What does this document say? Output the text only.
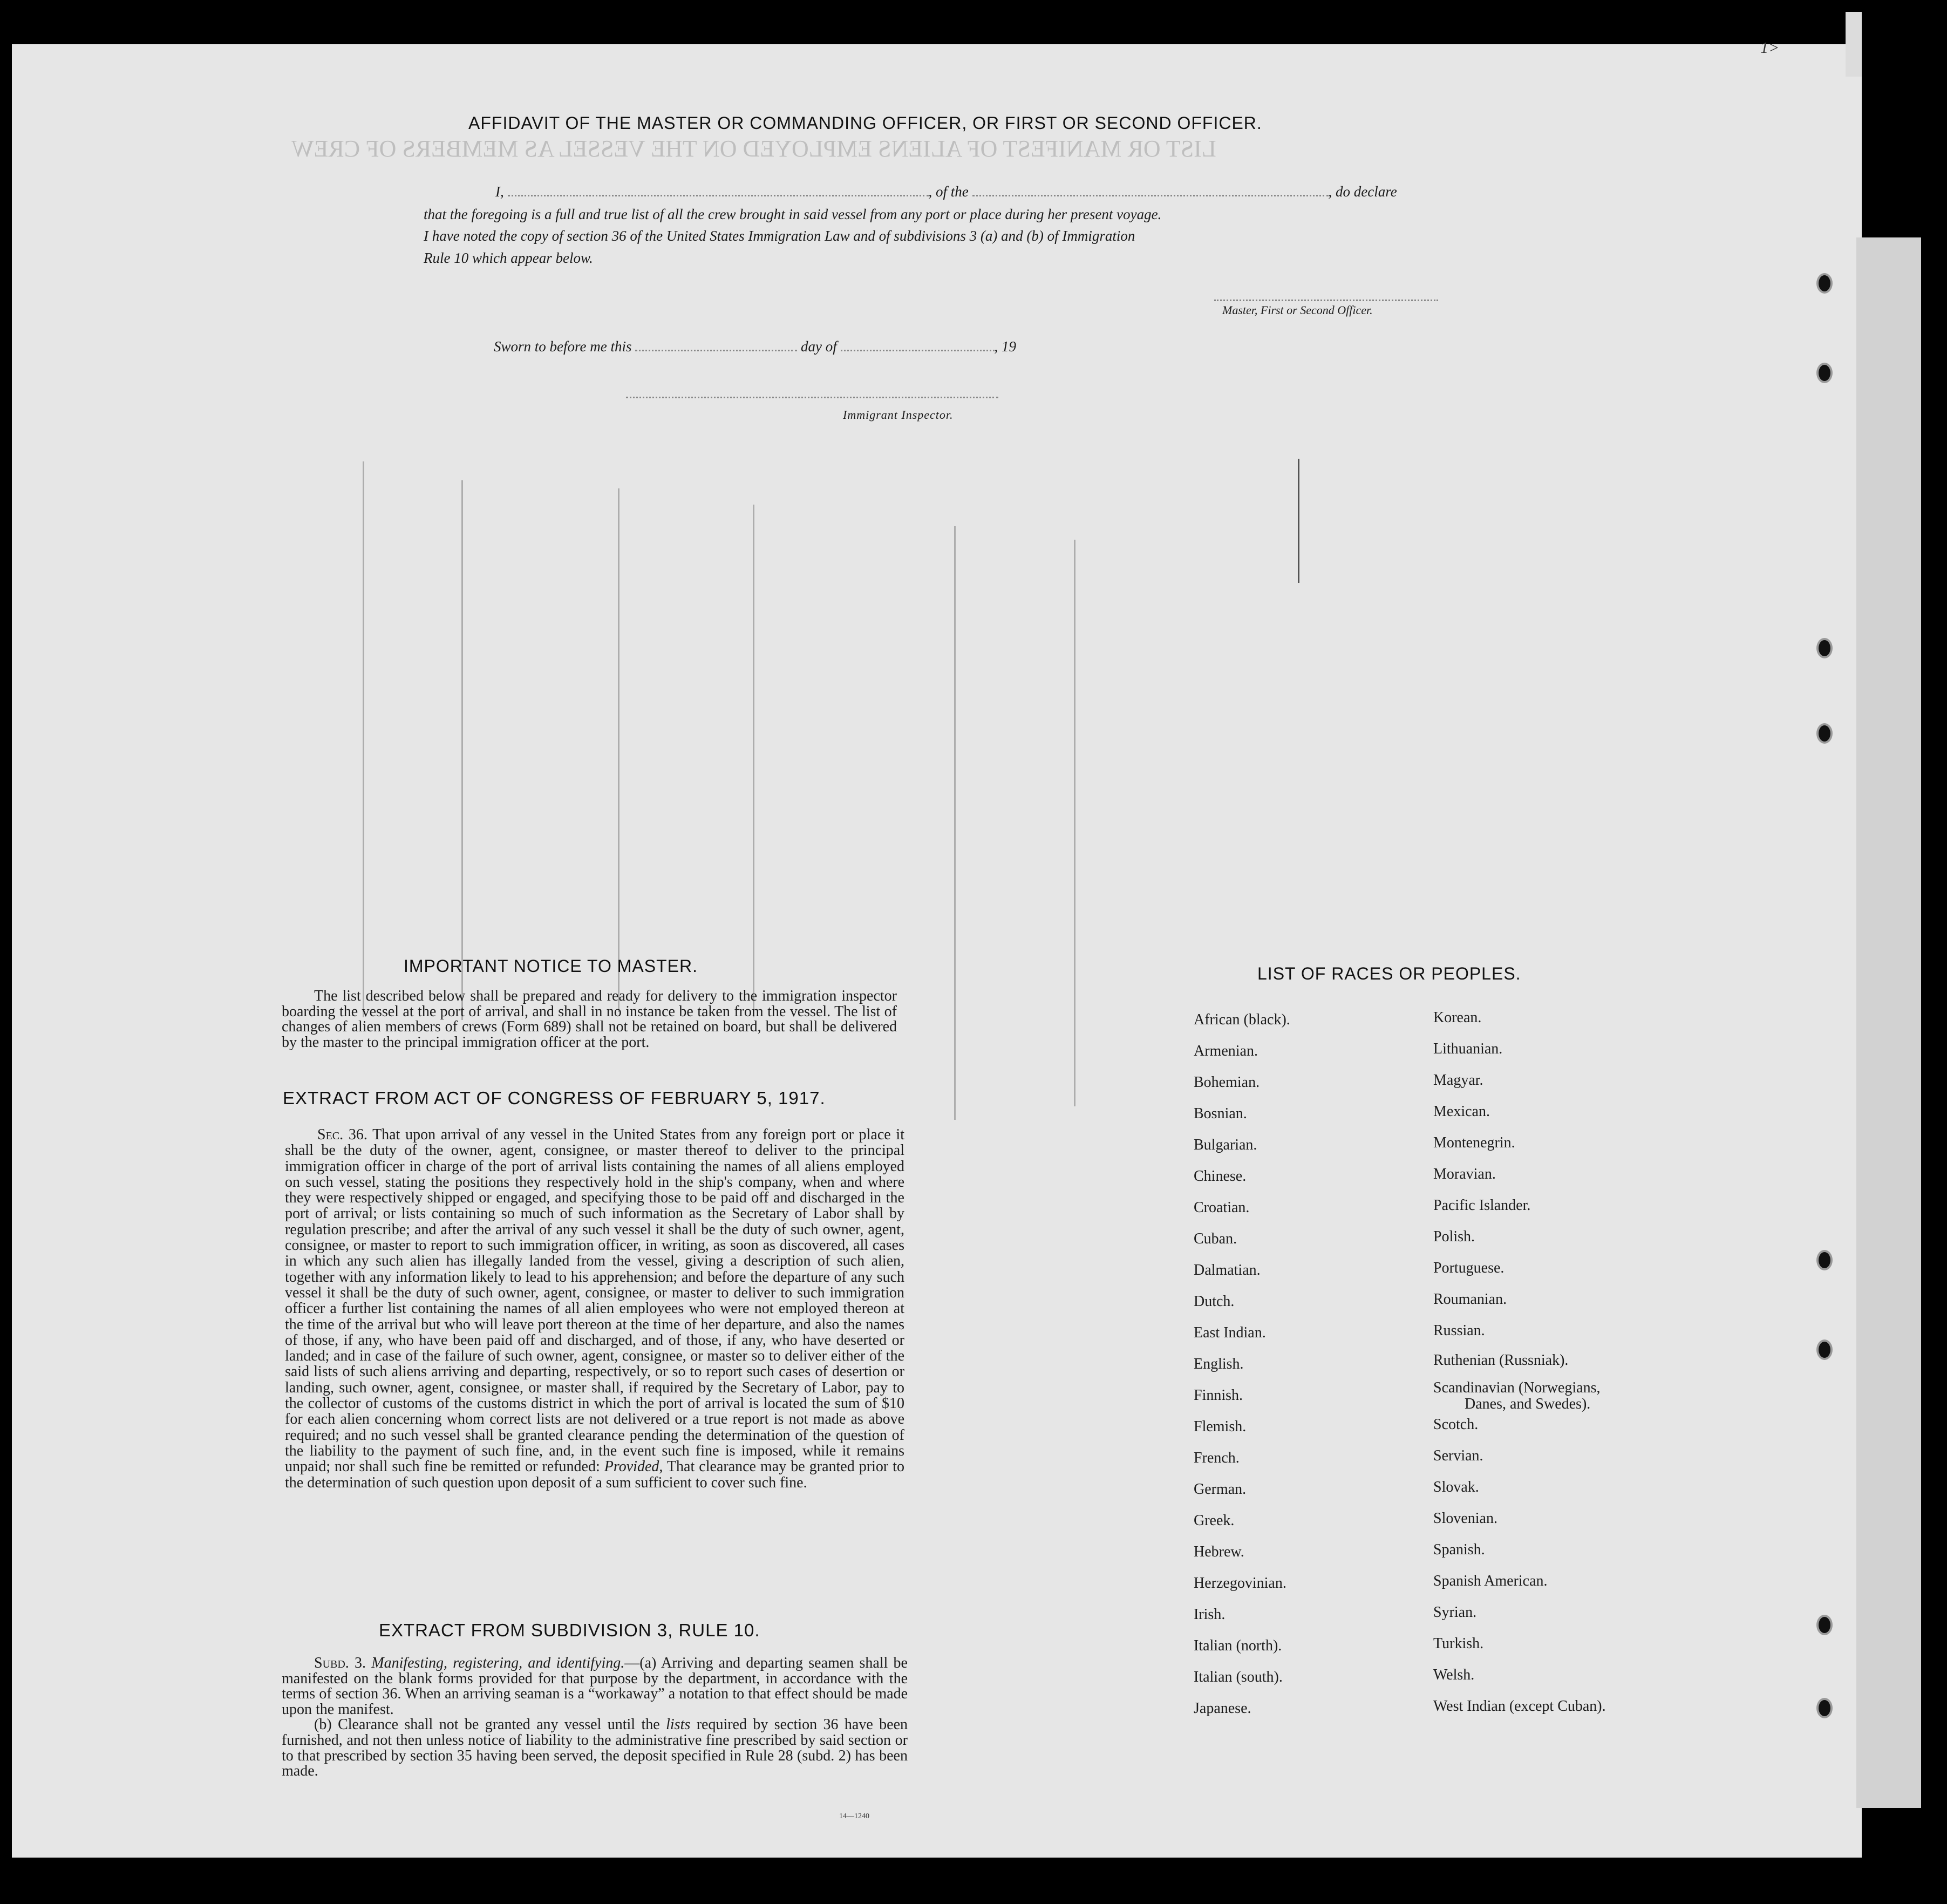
LIST OR MANIFEST OF ALIENS EMPLOYED ON THE VESSEL AS MEMBERS OF CREW
1>
AFFIDAVIT OF THE MASTER OR COMMANDING OFFICER, OR FIRST OR SECOND OFFICER.
I,	, of the	, do declare
that the foregoing is a full and true list of all the crew brought in said vessel from any port or place during her present voyage.
I have noted the copy of section 36 of the United States Immigration Law and of subdivisions 3 (a) and (b) of Immigration
Rule 10 which appear below.
Master, First or Second Officer.
Sworn to before me this	day of	, 19
Immigrant Inspector.
IMPORTANT NOTICE TO MASTER.

The list described below shall be prepared and ready for delivery to the immigration inspector boarding the vessel at the port of arrival, and shall in no instance be taken from the vessel. The list of changes of alien members of crews (Form 689) shall not be retained on board, but shall be delivered by the master to the principal immigration officer at the port.

EXTRACT FROM ACT OF CONGRESS OF FEBRUARY 5, 1917.

Sec. 36. That upon arrival of any vessel in the United States from any foreign port or place it shall be the duty of the owner, agent, consignee, or master thereof to deliver to the principal immigration officer in charge of the port of arrival lists containing the names of all aliens employed on such vessel, stating the positions they respectively hold in the ship's company, when and where they were respectively shipped or engaged, and specifying those to be paid off and discharged in the port of arrival; or lists containing so much of such information as the Secretary of Labor shall by regulation prescribe; and after the arrival of any such vessel it shall be the duty of such owner, agent, consignee, or master to report to such immigration officer, in writing, as soon as discovered, all cases in which any such alien has illegally landed from the vessel, giving a description of such alien, together with any information likely to lead to his apprehension; and before the departure of any such vessel it shall be the duty of such owner, agent, consignee, or master to deliver to such immigration officer a further list containing the names of all alien employees who were not employed thereon at the time of the arrival but who will leave port thereon at the time of her departure, and also the names of those, if any, who have been paid off and discharged, and of those, if any, who have deserted or landed; and in case of the failure of such owner, agent, consignee, or master so to deliver either of the said lists of such aliens arriving and departing, respectively, or so to report such cases of desertion or landing, such owner, agent, consignee, or master shall, if required by the Secretary of Labor, pay to the collector of customs of the customs district in which the port of arrival is located the sum of $10 for each alien concerning whom correct lists are not delivered or a true report is not made as above required; and no such vessel shall be granted clearance pending the determination of the question of the liability to the payment of such fine, and, in the event such fine is imposed, while it remains unpaid; nor shall such fine be remitted or refunded: Provided, That clearance may be granted prior to the determination of such question upon deposit of a sum sufficient to cover such fine.

EXTRACT FROM SUBDIVISION 3, RULE 10.

Subd. 3. Manifesting, registering, and identifying.—(a) Arriving and departing seamen shall be manifested on the blank forms provided for that purpose by the department, in accordance with the terms of section 36. When an arriving seaman is a “workaway” a notation to that effect should be made upon the manifest.

(b) Clearance shall not be granted any vessel until the lists required by section 36 have been furnished, and not then unless notice of liability to the administrative fine prescribed by said section or to that prescribed by section 35 having been served, the deposit specified in Rule 28 (subd. 2) has been made.

14—1240
LIST OF RACES OR PEOPLES.
African (black).
Armenian.
Bohemian.
Bosnian.
Bulgarian.
Chinese.
Croatian.
Cuban.
Dalmatian.
Dutch.
East Indian.
English.
Finnish.
Flemish.
French.
German.
Greek.
Hebrew.
Herzegovinian.
Irish.
Italian (north).
Italian (south).
Japanese.
Korean.
Lithuanian.
Magyar.
Mexican.
Montenegrin.
Moravian.
Pacific Islander.
Polish.
Portuguese.
Roumanian.
Russian.
Ruthenian (Russniak).
Scandinavian (Norwegians,
Danes, and Swedes).
Scotch.
Servian.
Slovak.
Slovenian.
Spanish.
Spanish American.
Syrian.
Turkish.
Welsh.
West Indian (except Cuban).
